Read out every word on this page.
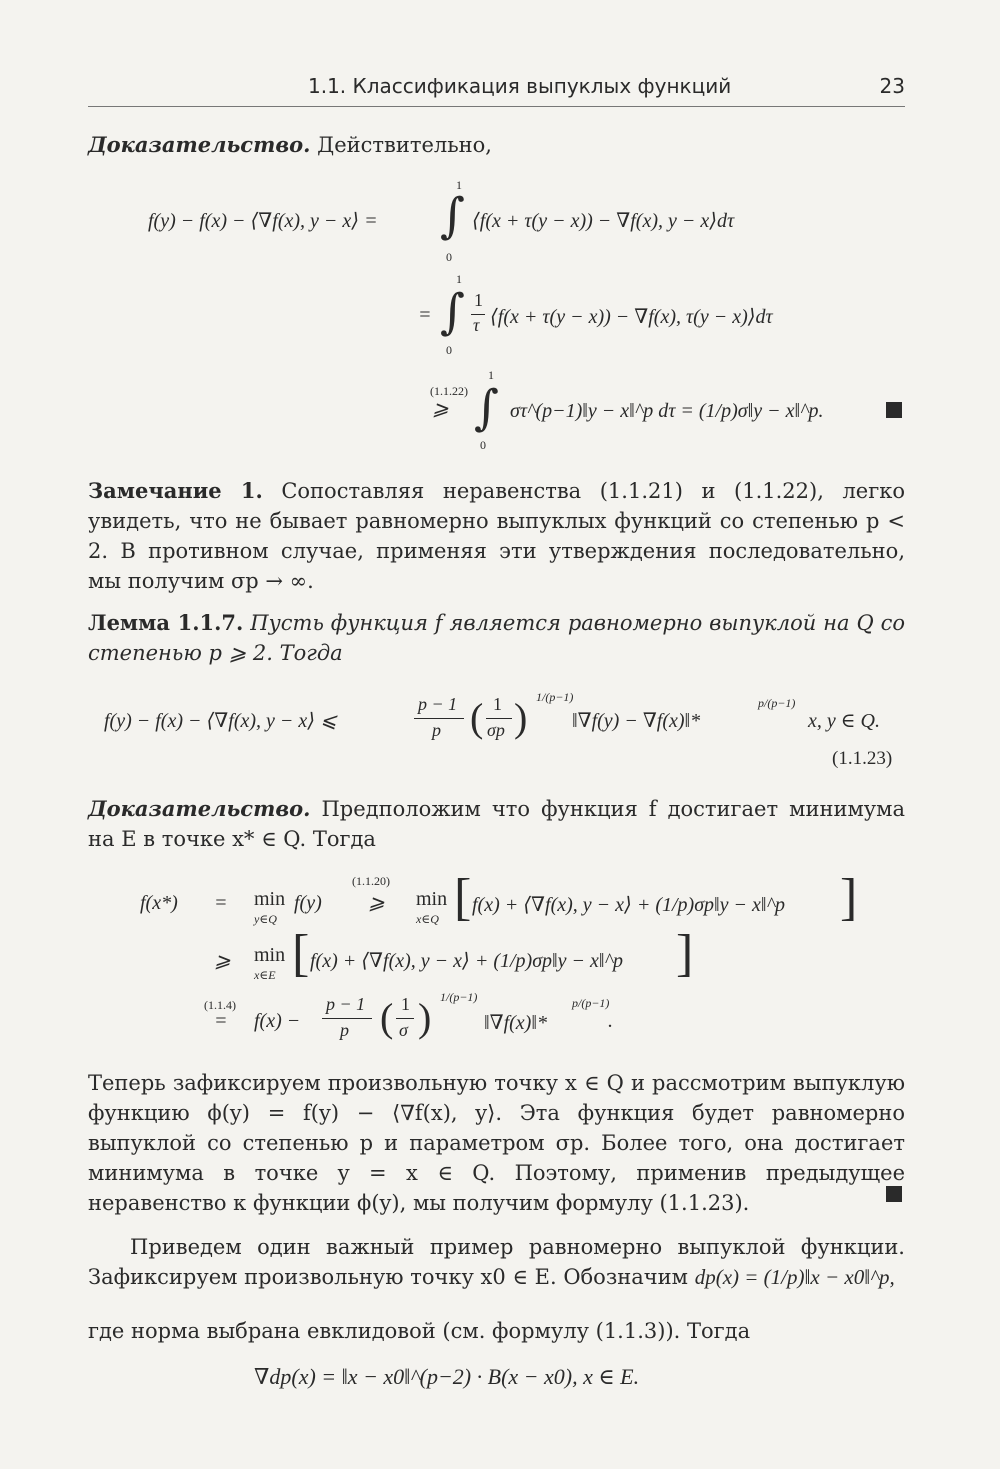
1.1. Классификация выпуклых функций	23
Доказательство. Действительно,
f(y) − f(x) − ⟨∇f(x), y − x⟩ =
1
∫
0
⟨f(x + τ(y − x)) − ∇f(x), y − x⟩dτ
1
∫
0
=
1
τ ⟨f(x + τ(y − x)) − ∇f(x), τ(y − x)⟩dτ
(1.1.22)
⩾
1
∫
0
στ^(p−1)‖y − x‖^p dτ = (1/p)σ‖y − x‖^p.
Замечание 1. Сопоставляя неравенства (1.1.21) и (1.1.22), легко увидеть, что не бывает равномерно выпуклых функций со степенью p < 2. В противном случае, применяя эти утверждения последовательно, мы получим σp → ∞.
Лемма 1.1.7. Пусть функция f является равномерно выпуклой на Q со степенью p ⩾ 2. Тогда
f(y) − f(x) − ⟨∇f(x), y − x⟩ ⩽
p − 1
p ( 1
σp ) 1/(p−1)
‖∇f(y) − ∇f(x)‖*
p/(p−1)
x, y ∈ Q.
(1.1.23)
Доказательство. Предположим что функция f достигает минимума на E в точке x* ∈ Q. Тогда
f(x*) = min
y∈Q
f(y)
(1.1.20)
⩾ min
x∈Q [ f(x) + ⟨∇f(x), y − x⟩ + (1/p)σp‖y − x‖^p ]
⩾ min
x∈E [ f(x) + ⟨∇f(x), y − x⟩ + (1/p)σp‖y − x‖^p ]
(1.1.4)
= f(x) −
p − 1
p ( 1
σ ) 1/(p−1)
‖∇f(x)‖*
p/(p−1)
.
Теперь зафиксируем произвольную точку x ∈ Q и рассмотрим выпуклую функцию ϕ(y) = f(y) − ⟨∇f(x), y⟩. Эта функция будет равномерно выпуклой со степенью p и параметром σp. Более того, она достигает минимума в точке y = x ∈ Q. Поэтому, применив предыдущее неравенство к функции ϕ(y), мы получим формулу (1.1.23).
Приведем один важный пример равномерно выпуклой функции. Зафиксируем произвольную точку x0 ∈ E. Обозначим dp(x) = (1/p)‖x − x0‖^p,
где норма выбрана евклидовой (см. формулу (1.1.3)). Тогда
∇dp(x) = ‖x − x0‖^(p−2) · B(x − x0), x ∈ E.
